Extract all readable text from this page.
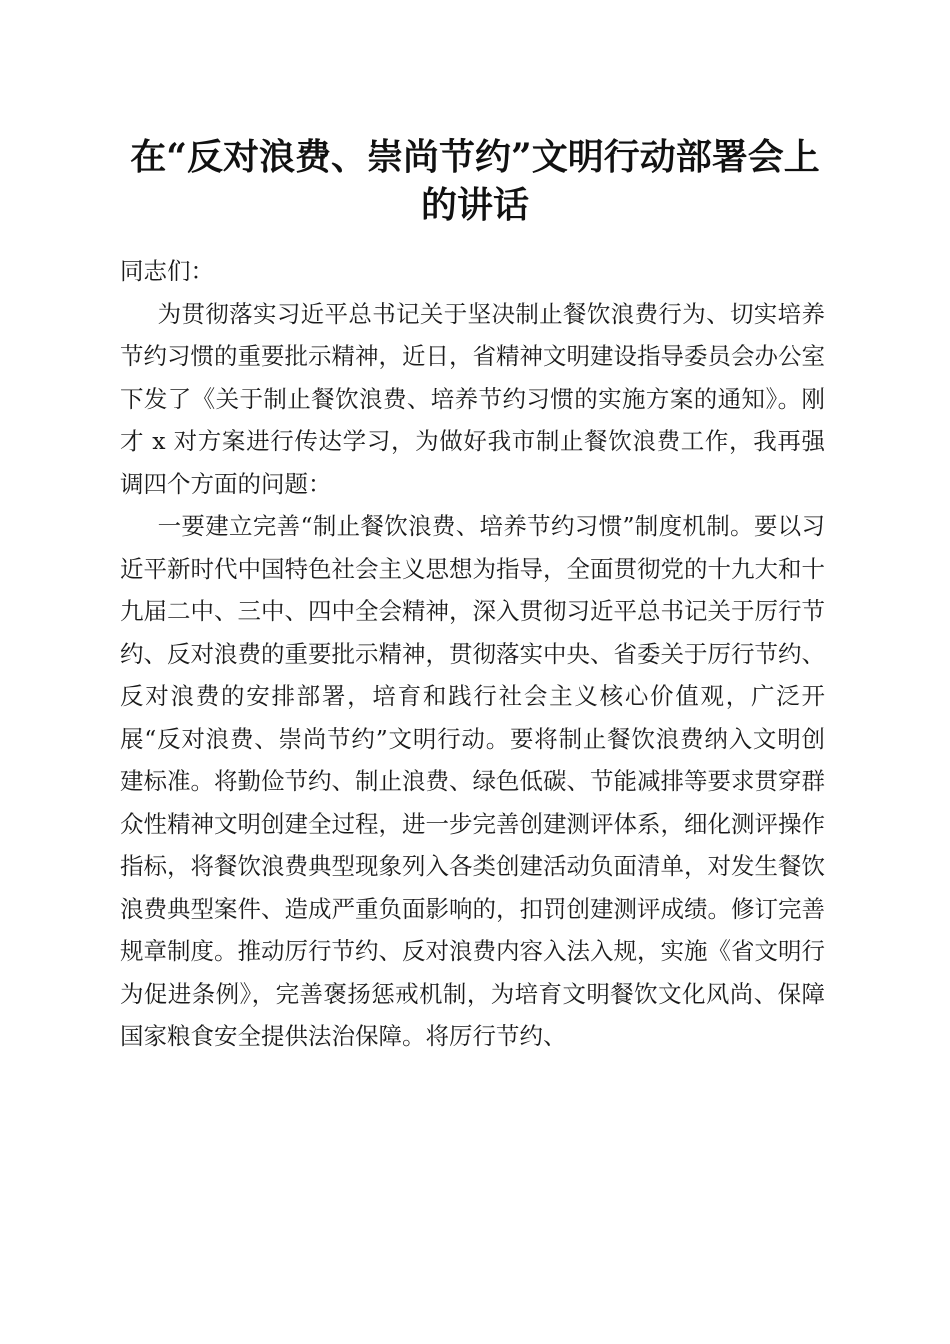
在“反对浪费、崇尚节约”文明行动部署会上
的讲话

同志们：

为贯彻落实习近平总书记关于坚决制止餐饮浪费行为、切实培养节约习惯的重要批示精神，近日，省精神文明建设指导委员会办公室下发了《关于制止餐饮浪费、培养节约习惯的实施方案的通知》。刚才 x 对方案进行传达学习，为做好我市制止餐饮浪费工作，我再强调四个方面的问题：

一要建立完善“制止餐饮浪费、培养节约习惯”制度机制。要以习近平新时代中国特色社会主义思想为指导，全面贯彻党的十九大和十九届二中、三中、四中全会精神，深入贯彻习近平总书记关于厉行节约、反对浪费的重要批示精神，贯彻落实中央、省委关于厉行节约、反对浪费的安排部署，培育和践行社会主义核心价值观，广泛开展“反对浪费、崇尚节约”文明行动。要将制止餐饮浪费纳入文明创建标准。将勤俭节约、制止浪费、绿色低碳、节能减排等要求贯穿群众性精神文明创建全过程，进一步完善创建测评体系，细化测评操作指标，将餐饮浪费典型现象列入各类创建活动负面清单，对发生餐饮浪费典型案件、造成严重负面影响的，扣罚创建测评成绩。修订完善规章制度。推动厉行节约、反对浪费内容入法入规，实施《省文明行为促进条例》，完善褒扬惩戒机制，为培育文明餐饮文化风尚、保障国家粮食安全提供法治保障。将厉行节约、
